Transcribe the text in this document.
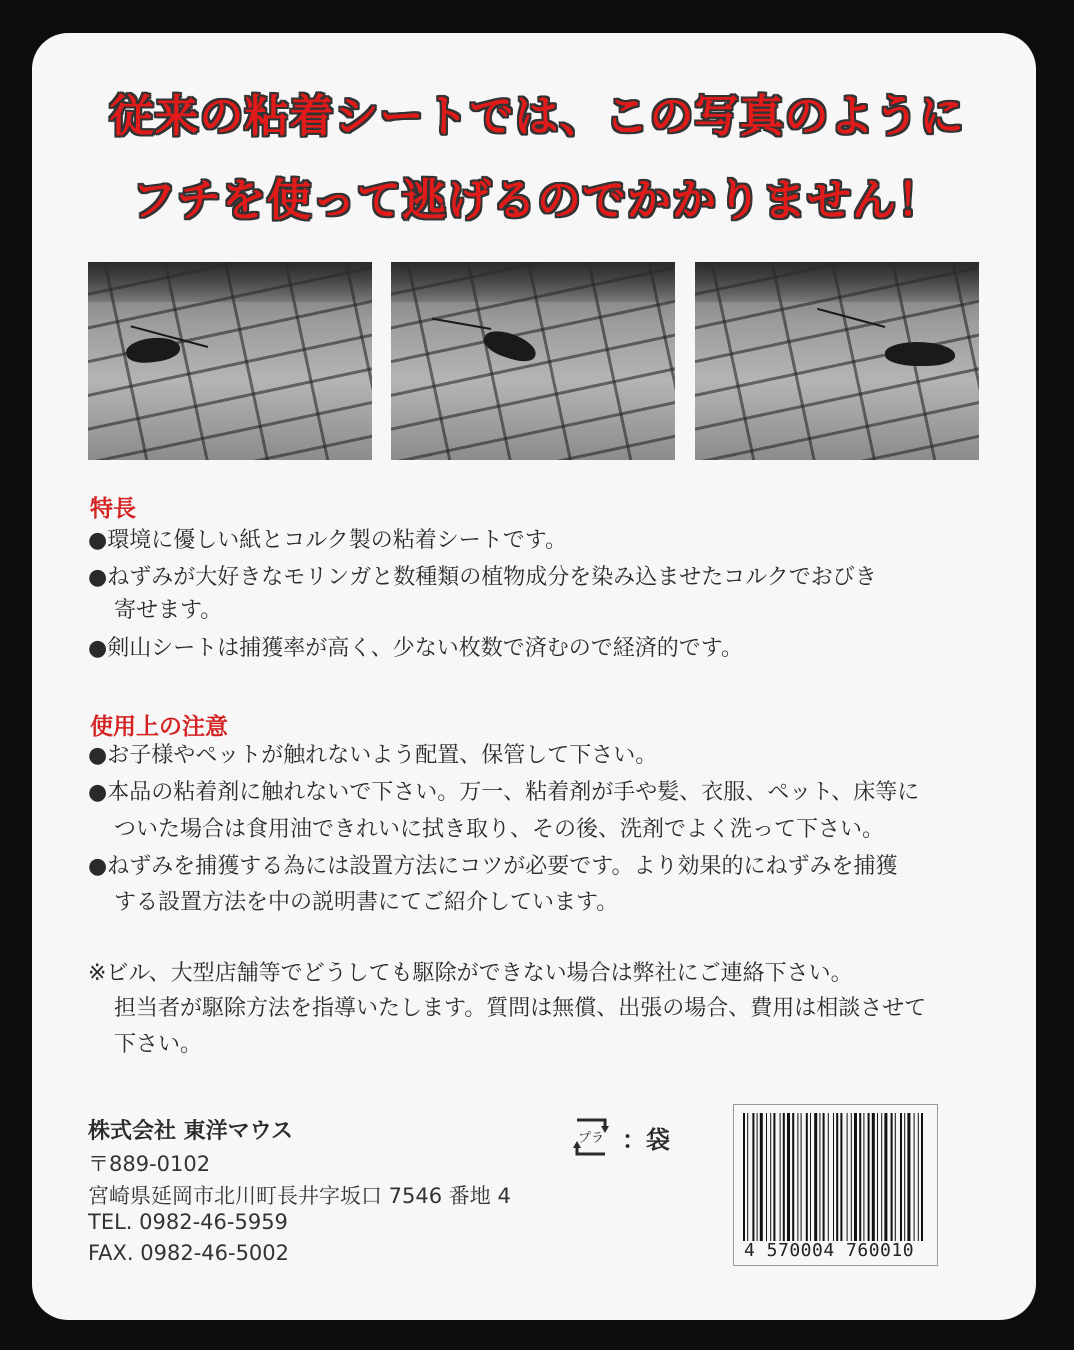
従来の粘着シートでは、この写真のように
フチを使って逃げるのでかかりません！
特長
●環境に優しい紙とコルク製の粘着シートです。
●ねずみが大好きなモリンガと数種類の植物成分を染み込ませたコルクでおびき
寄せます。
●剣山シートは捕獲率が高く、少ない枚数で済むので経済的です。
使用上の注意
●お子様やペットが触れないよう配置、保管して下さい。
●本品の粘着剤に触れないで下さい。万一、粘着剤が手や髪、衣服、ペット、床等に
ついた場合は食用油できれいに拭き取り、その後、洗剤でよく洗って下さい。
●ねずみを捕獲する為には設置方法にコツが必要です。より効果的にねずみを捕獲
する設置方法を中の説明書にてご紹介しています。
※ビル、大型店舗等でどうしても駆除ができない場合は弊社にご連絡下さい。
担当者が駆除方法を指導いたします。質問は無償、出張の場合、費用は相談させて
下さい。
株式会社 東洋マウス
〒889-0102
宮崎県延岡市北川町長井字坂口 7546 番地 4
TEL. 0982-46-5959
FAX. 0982-46-5002
プラ ：袋
4 570004 760010
